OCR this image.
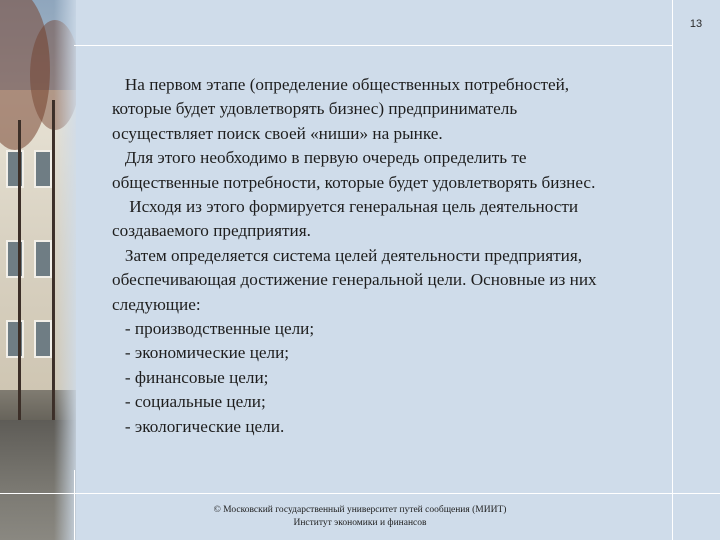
13

На первом этапе (определение общественных потребностей,

которые будет удовлетворять бизнес) предприниматель

осуществляет поиск своей «ниши» на рынке.

Для этого необходимо в первую очередь определить те

общественные потребности, которые будет удовлетворять бизнес.

Исходя из этого формируется генеральная цель деятельности

создаваемого предприятия.

Затем определяется система целей деятельности предприятия,

обеспечивающая достижение генеральной цели. Основные из них

следующие:

- производственные цели;

- экономические цели;

- финансовые цели;

- социальные цели;

- экологические цели.

© Московский государственный университет путей сообщения (МИИТ)
Институт экономики и финансов
